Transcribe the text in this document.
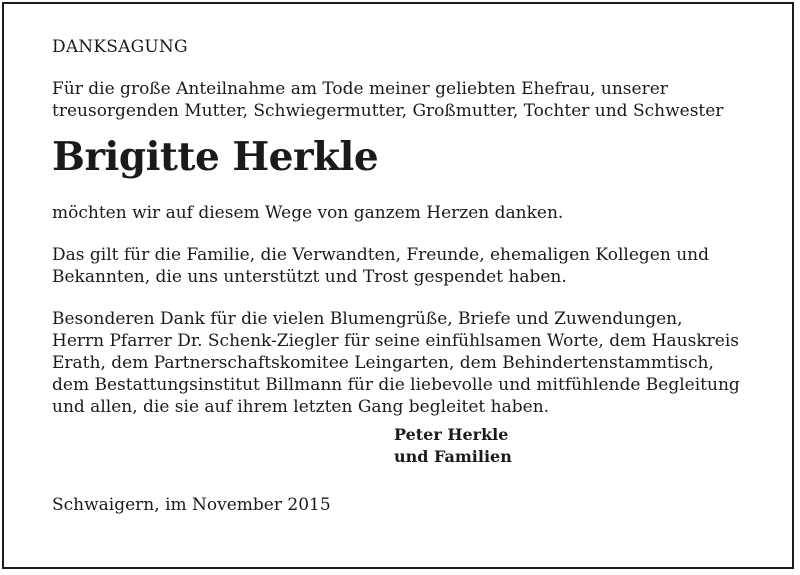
DANKSAGUNG

Für die große Anteilnahme am Tode meiner geliebten Ehefrau, unserer
treusorgenden Mutter, Schwiegermutter, Großmutter, Tochter und Schwester

Brigitte Herkle

möchten wir auf diesem Wege von ganzem Herzen danken.

Das gilt für die Familie, die Verwandten, Freunde, ehemaligen Kollegen und
Bekannten, die uns unterstützt und Trost gespendet haben.

Besonderen Dank für die vielen Blumengrüße, Briefe und Zuwendungen,
Herrn Pfarrer Dr. Schenk-Ziegler für seine einfühlsamen Worte, dem Hauskreis
Erath, dem Partnerschaftskomitee Leingarten, dem Behindertenstammtisch,
dem Bestattungsinstitut Billmann für die liebevolle und mitfühlende Begleitung
und allen, die sie auf ihrem letzten Gang begleitet haben.

Peter Herkle
und Familien
Schwaigern, im November 2015
